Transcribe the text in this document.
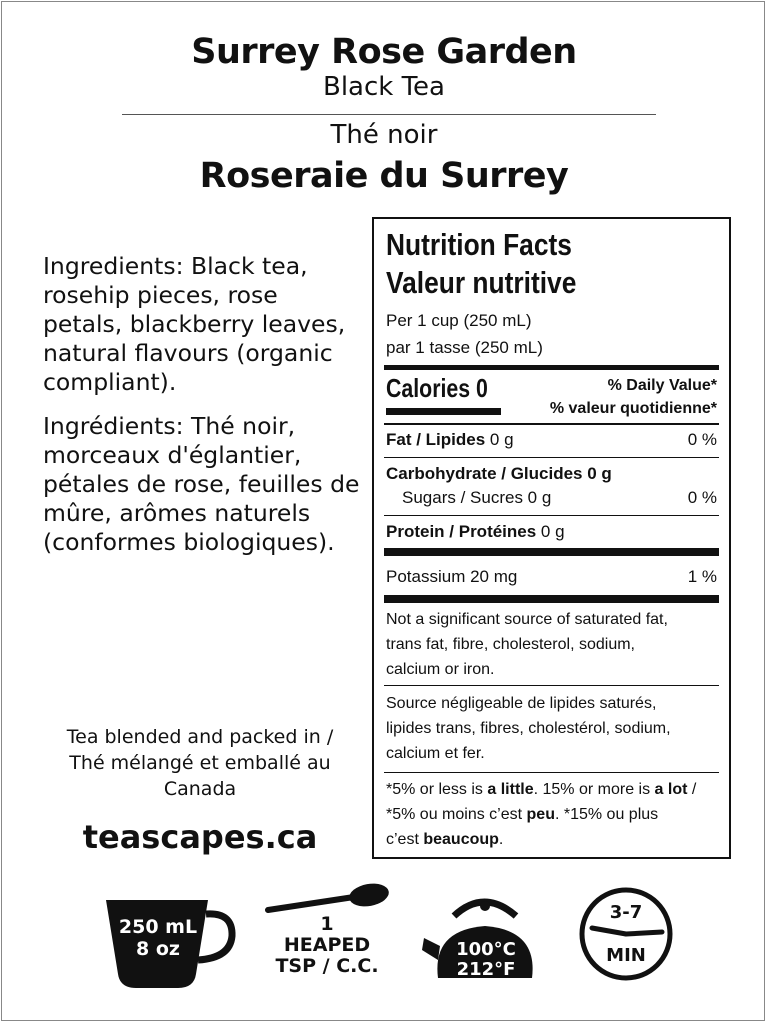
Surrey Rose Garden
Black Tea
Thé noir
Roseraie du Surrey
Ingredients: Black tea, rosehip pieces, rose petals, blackberry leaves, natural flavours (organic compliant).
Ingrédients: Thé noir, morceaux d'églantier, pétales de rose, feuilles de mûre, arômes naturels (conformes biologiques).
Tea blended and packed in /
Thé mélangé et emballé au
Canada
teascapes.ca
Nutrition Facts
Valeur nutritive
Per 1 cup (250 mL)
par 1 tasse (250 mL)
Calories 0	% Daily Value*
% valeur quotidienne*
Fat / Lipides 0 g	0 %
Carbohydrate / Glucides 0 g
Sugars / Sucres 0 g	0 %
Protein / Protéines 0 g
Potassium 20 mg	1 %
Not a significant source of saturated fat,
trans fat, fibre, cholesterol, sodium,
calcium or iron.
Source négligeable de lipides saturés,
lipides trans, fibres, cholestérol, sodium,
calcium et fer.
*5% or less is a little. 15% or more is a lot /
*5% ou moins c’est peu. *15% ou plus
c’est beaucoup.
250 mL
8 oz
1
HEAPED
TSP / C.C.
100°C
212°F
3-7
MIN
